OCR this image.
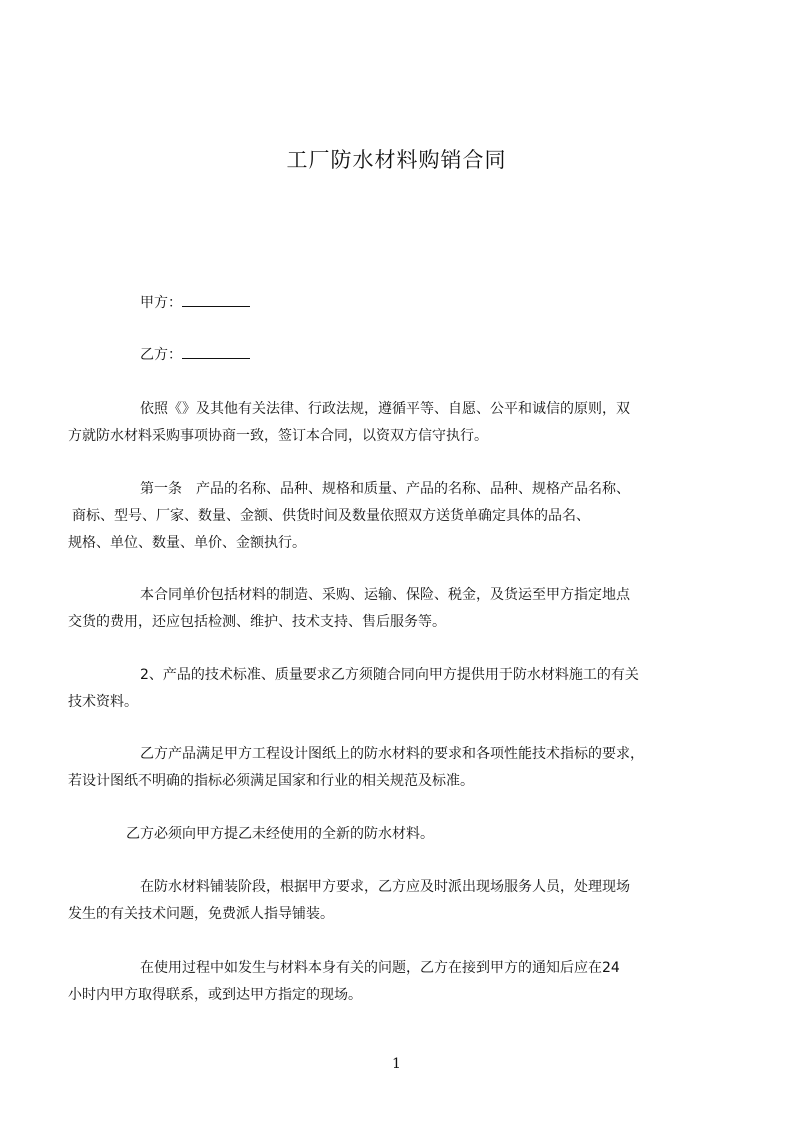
工厂防水材料购销合同
甲方：
乙方：
依照《》及其他有关法律、行政法规，遵循平等、自愿、公平和诚信的原则，双
方就防水材料采购事项协商一致，签订本合同，以资双方信守执行。
第一条　产品的名称、品种、规格和质量、产品的名称、品种、规格产品名称、
商标、型号、厂家、数量、金额、供货时间及数量依照双方送货单确定具体的品名、
规格、单位、数量、单价、金额执行。
本合同单价包括材料的制造、采购、运输、保险、税金，及货运至甲方指定地点
交货的费用，还应包括检测、维护、技术支持、售后服务等。
2、产品的技术标准、质量要求乙方须随合同向甲方提供用于防水材料施工的有关
技术资料。
乙方产品满足甲方工程设计图纸上的防水材料的要求和各项性能技术指标的要求，
若设计图纸不明确的指标必须满足国家和行业的相关规范及标准。
乙方必须向甲方提乙未经使用的全新的防水材料。
在防水材料铺装阶段，根据甲方要求，乙方应及时派出现场服务人员，处理现场
发生的有关技术问题，免费派人指导铺装。
在使用过程中如发生与材料本身有关的问题，乙方在接到甲方的通知后应在24
小时内甲方取得联系，或到达甲方指定的现场。
1
